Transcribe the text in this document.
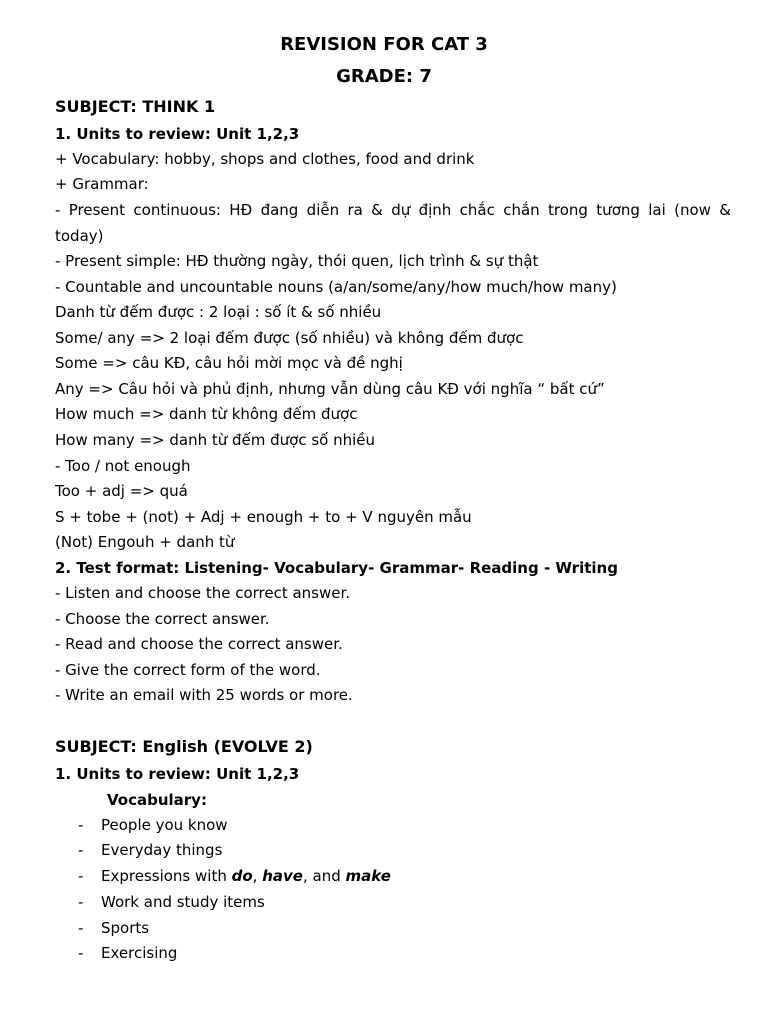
REVISION FOR CAT 3
GRADE: 7
SUBJECT: THINK 1
1. Units to review: Unit 1,2,3
+ Vocabulary: hobby, shops and clothes, food and drink
+ Grammar:
- Present continuous: HĐ đang diễn ra & dự định chắc chắn trong tương lai (now &
today)
- Present simple: HĐ thường ngày, thói quen, lịch trình & sự thật
- Countable and uncountable nouns (a/an/some/any/how much/how many)
Danh từ đếm được : 2 loại : số ít & số nhiều
Some/ any => 2 loại đếm được (số nhiều) và không đếm được
Some => câu KĐ, câu hỏi mời mọc và đề nghị
Any => Câu hỏi và phủ định, nhưng vẫn dùng câu KĐ với nghĩa “ bất cứ”
How much => danh từ không đếm được
How many => danh từ đếm được số nhiều
- Too / not enough
Too + adj => quá
S + tobe + (not) + Adj + enough + to + V nguyên mẫu
(Not) Engouh + danh từ
2. Test format: Listening- Vocabulary- Grammar- Reading - Writing
- Listen and choose the correct answer.
- Choose the correct answer.
- Read and choose the correct answer.
- Give the correct form of the word.
- Write an email with 25 words or more.
SUBJECT: English (EVOLVE 2)
1. Units to review: Unit 1,2,3
Vocabulary:
- People you know
- Everyday things
- Expressions with do, have, and make
- Work and study items
- Sports
- Exercising
